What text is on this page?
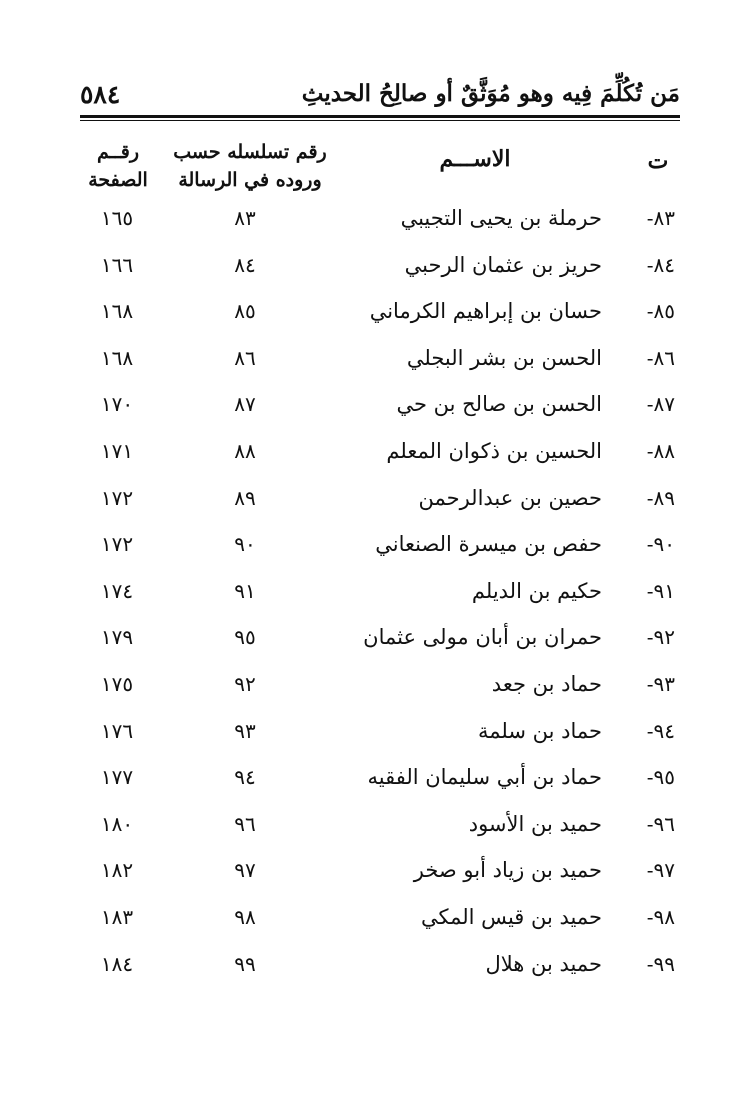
٥٨٤	مَن تُكُلِّمَ فِيه وهو مُوَثَّقٌ أو صالِحُ الحديثِ
ت
الاســـم
رقم تسلسله حسب
وروده في الرسالة
رقــم
الصفحة
٨٣-
حرملة بن يحيى التجيبي
٨٣
١٦٥
٨٤-
حريز بن عثمان الرحبي
٨٤
١٦٦
٨٥-
حسان بن إبراهيم الكرماني
٨٥
١٦٨
٨٦-
الحسن بن بشر البجلي
٨٦
١٦٨
٨٧-
الحسن بن صالح بن حي
٨٧
١٧٠
٨٨-
الحسين بن ذكوان المعلم
٨٨
١٧١
٨٩-
حصين بن عبدالرحمن
٨٩
١٧٢
٩٠-
حفص بن ميسرة الصنعاني
٩٠
١٧٢
٩١-
حكيم بن الديلم
٩١
١٧٤
٩٢-
حمران بن أبان مولى عثمان
٩٥
١٧٩
٩٣-
حماد بن جعد
٩٢
١٧٥
٩٤-
حماد بن سلمة
٩٣
١٧٦
٩٥-
حماد بن أبي سليمان الفقيه
٩٤
١٧٧
٩٦-
حميد بن الأسود
٩٦
١٨٠
٩٧-
حميد بن زياد أبو صخر
٩٧
١٨٢
٩٨-
حميد بن قيس المكي
٩٨
١٨٣
٩٩-
حميد بن هلال
٩٩
١٨٤
